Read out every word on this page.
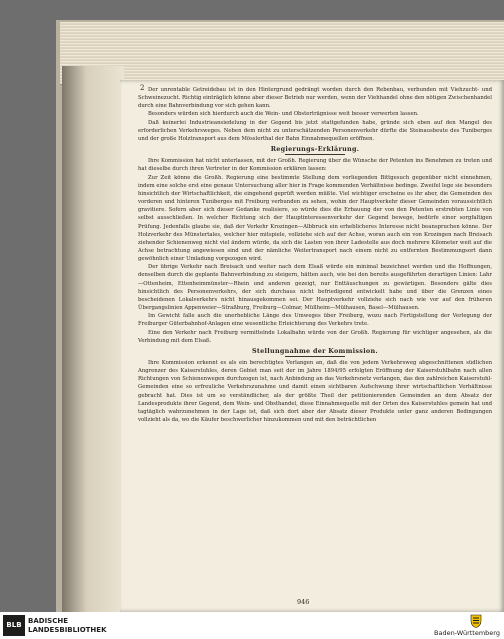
2 Der unrentable Getreidebau ist in den Hintergrund gedrängt worden durch den Rebenbau, verbunden mit Viehzucht- und Schweinezucht. Richtig einträglich könne aber dieser Betrieb nur werden, wenn der Viehhandel ohne den nötigen Zwischenhandel durch eine Bahnverbindung vor sich gehen kann.

Besonders würden sich hierdurch auch die Wein- und Obsterträgnisse weit besser verwerten lassen.

Daß keinerlei Industrieansiedelung in der Gegend bis jetzt stattgefunden habe, gründe sich eben auf den Mangel des erforderlichen Verkehrsweges. Neben dem nicht zu unterschätzenden Personenverkehr dürfte die Steinausbeute des Tuniberges und der große Holztransport aus dem Mösslerthal der Bahn Einnahmequellen eröffnen.

Regierungs-Erklärung.

Ihre Kommission hat nicht unterlassen, mit der Großh. Regierung über die Wünsche der Petenten ins Benehmen zu treten und hat dieselbe durch ihren Vertreter in der Kommission erklären lassen:

Zur Zeit könne die Großh. Regierung eine bestimmte Stellung dem vorliegenden Bittgesuch gegenüber nicht einnehmen, indem eine solche erst eine genaue Untersuchung aller hier in Frage kommenden Verhältnisse bedinge. Zweifel lege sie besonders hinsichtlich der Wirtschaftlichkeit, die eingehend geprüft werden müßte. Viel wichtiger erscheine es ihr aber, die Gemeinden des vorderen und hinteren Tuniberges mit Freiburg verbunden zu sehen, wohin der Hauptverkehr dieser Gemeinden voraussichtlich gravitiere. Sofern aber sich dieser Gedanke realisiere, so würde dies die Erbauung der von den Petenten erstrebten Linie von selbst ausschließen. In welcher Richtung sich der Hauptinteressenverkehr der Gegend bewege, bedürfe einer sorgfaltigen Prüfung. Jedenfalls glaube sie, daß der Verkehr Krozingen—Albbruck ein erheblicheres Interesse nicht beanspruchen könne. Der Holzverkehr des Münstertales, welcher hier mitspiele, vollziehe sich auf der Achse, woran auch ein von Krozingen nach Breisach ziehender Schienenweg nicht viel ändern würde, da sich die Lasten von ihrer Ladestelle aus doch mehrere Kilometer weit auf die Achse betrachtung angewiesen sind und der nämliche Weitertransport nach einem nicht zu entfernten Bestimmungsort dann gewöhnlich einer Umladung vorgezogen wird.

Der übrige Verkehr nach Breisach und weiter nach dem Elsaß würde ein minimal bezeichnet werden und die Hoffnungen, denselben durch die geplante Bahnverbindung zu steigern, hätten auch, wie bei den bereits ausgeführten derartigen Linien: Lahr—Ottenheim, Ettenheimmünster—Rhein und anderen gezeigt, nur Enttäuschungen zu gewärtigen. Besonders gälte dies hinsichtlich des Personenverkehrs, der sich durchaus nicht befriedigend entwickelt habe und über die Grenzen eines bescheidenen Lokalverkehrs nicht hinausgekommen sei. Der Hauptverkehr vollziehe sich nach wie vor auf den früheren Übergangslinien Appenweier—Straßburg, Freiburg—Colmar, Müllheim—Mülhausen, Basel—Mülhausen.

Im Gewicht falle auch die unerhebliche Länge des Umweges über Freiburg, wozu nach Fertigstellung der Verlegung der Freiburger Güterbahnhof-Anlagen eine wesentliche Erleichterung des Verkehrs trete.

Eine den Verkehr nach Freiburg vermittelnde Lokalbahn würde von der Großh. Regierung für wichtiger angesehen, als die Verbindung mit dem Elsaß.

Stellungnahme der Kommission.

Ihre Kommission erkennt es als ein berechtigtes Verlangen an, daß die von jedem Verkehrsweg abgeschnittenen südlichen Angrenzer des Kaiserstuhles, deren Gebiet man seit der im Jahre 1894/95 erfolgten Eröffnung der Kaiserstuhlbahn nach allen Richtungen von Schienenwegen durchzogen ist, nach Anbindung an das Verkehrsnetz verlangen, das den zahlreichen Kaiserstuhl-Gemeinden eine so erfreuliche Verkehrszunahme und damit einen sichtbaren Aufschwung ihrer wirtschaftlichen Verhältnisse gebracht hat. Dies ist um so verständlicher, als der größte Theil der petitionierenden Gemeinden an dem Absatz der Landesprodukte ihrer Gegend, dem Wein- und Obsthandel, diese Einnahmequelle mit der Orten des Kaiserstuhles gemein hat und tagtäglich wahrzunehmen in der Lage ist, daß sich dort aber der Absatz dieser Produkte unter ganz anderen Bedingungen vollzieht als da, wo die Käufer beschwerlicher hinzukommen und mit den beträchtlichen

946
BLB BADISCHE
LANDESBIBLIOTHEK	Baden-Württemberg
